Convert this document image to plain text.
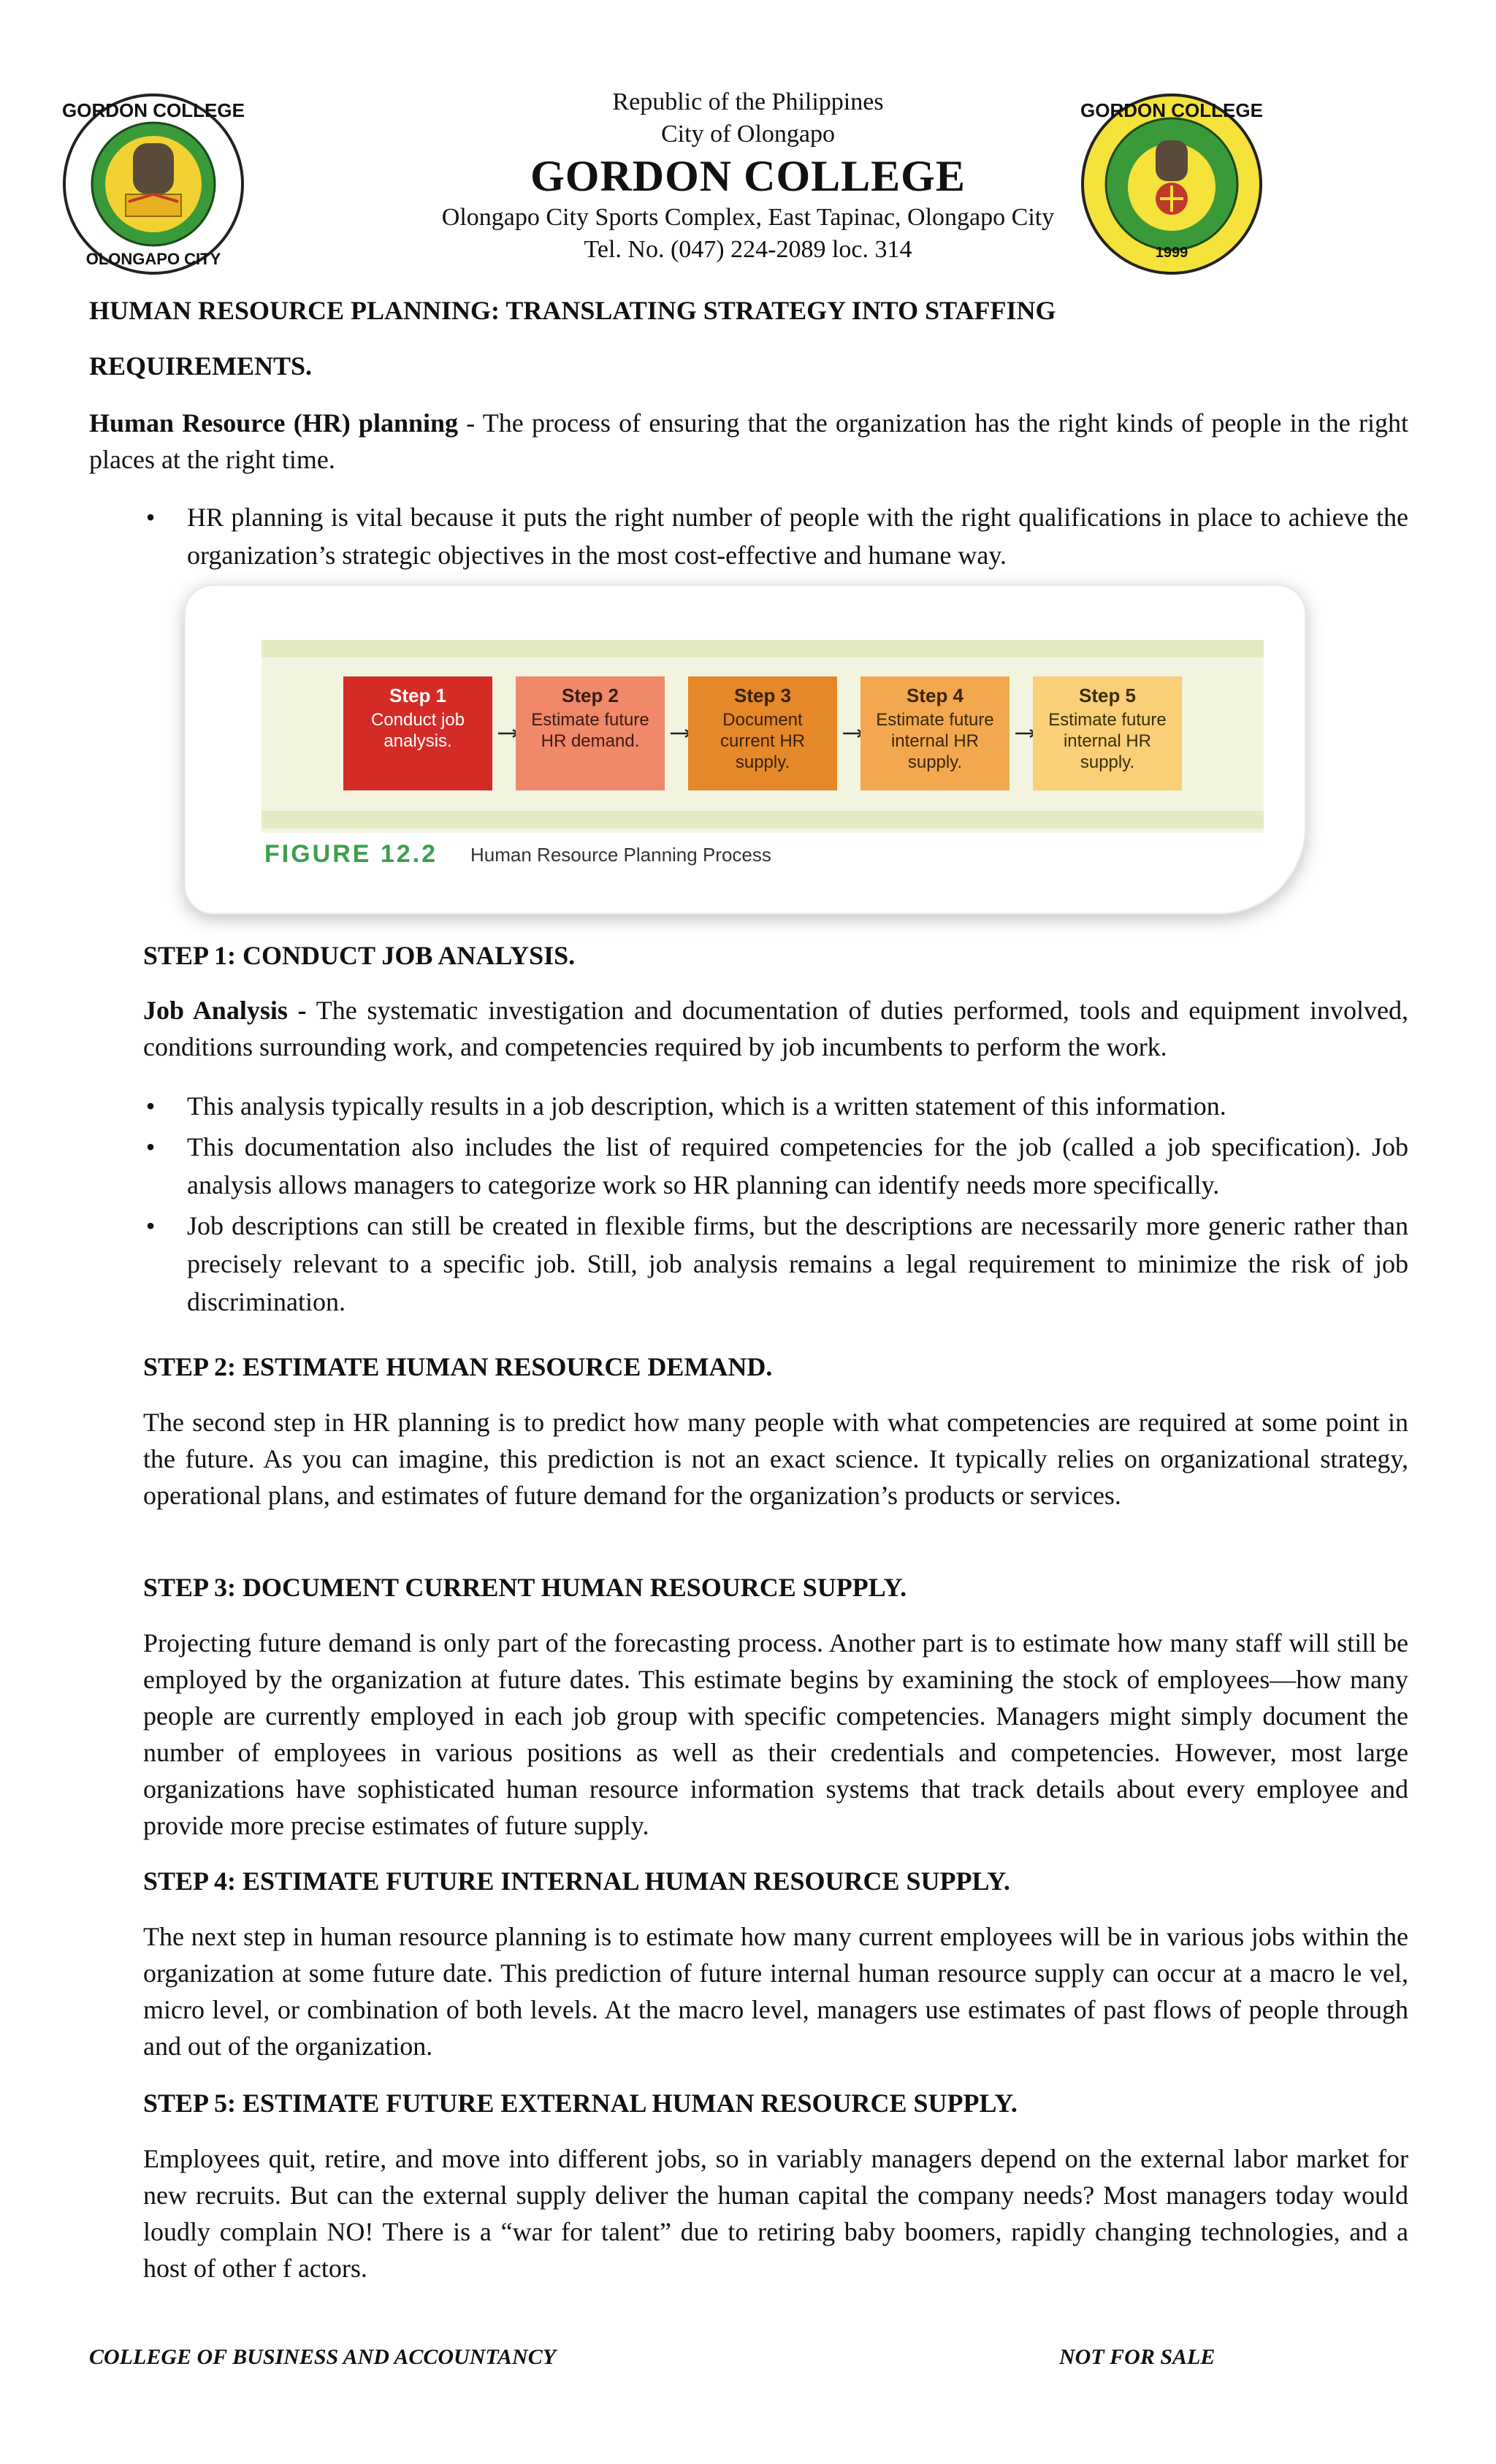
Republic of the Philippines
City of Olongapo
GORDON COLLEGE
Olongapo City Sports Complex, East Tapinac, Olongapo City
Tel. No. (047) 224-2089 loc. 314
GORDON COLLEGE
OLONGAPO CITY
GORDON COLLEGE
1999
HUMAN RESOURCE PLANNING: TRANSLATING STRATEGY INTO STAFFING
REQUIREMENTS.
Human Resource (HR) planning - The process of ensuring that the organization has the right kinds of people in the right places at the right time.
• HR planning is vital because it puts the right number of people with the right qualifications in place to achieve the organization’s strategic objectives in the most cost-effective and humane way.
Step 1
Conduct job analysis.
Step 2
Estimate future HR demand.
Step 3
Document current HR supply.
Step 4
Estimate future internal HR supply.
Step 5
Estimate future internal HR supply.
FIGURE 12.2 Human Resource Planning Process
STEP 1: CONDUCT JOB ANALYSIS.
Job Analysis - The systematic investigation and documentation of duties performed, tools and equipment involved, conditions surrounding work, and competencies required by job incumbents to perform the work.
• This analysis typically results in a job description, which is a written statement of this information.
• This documentation also includes the list of required competencies for the job (called a job specification). Job analysis allows managers to categorize work so HR planning can identify needs more specifically.
• Job descriptions can still be created in flexible firms, but the descriptions are necessarily more generic rather than precisely relevant to a specific job. Still, job analysis remains a legal requirement to minimize the risk of job discrimination.
STEP 2: ESTIMATE HUMAN RESOURCE DEMAND.
The second step in HR planning is to predict how many people with what competencies are required at some point in the future. As you can imagine, this prediction is not an exact science. It typically relies on organizational strategy, operational plans, and estimates of future demand for the organization’s products or services.
STEP 3: DOCUMENT CURRENT HUMAN RESOURCE SUPPLY.
Projecting future demand is only part of the forecasting process. Another part is to estimate how many staff will still be employed by the organization at future dates. This estimate begins by examining the stock of employees—how many people are currently employed in each job group with specific competencies. Managers might simply document the number of employees in various positions as well as their credentials and competencies. However, most large organizations have sophisticated human resource information systems that track details about every employee and provide more precise estimates of future supply.
STEP 4: ESTIMATE FUTURE INTERNAL HUMAN RESOURCE SUPPLY.
The next step in human resource planning is to estimate how many current employees will be in various jobs within the organization at some future date. This prediction of future internal human resource supply can occur at a macro le vel, micro level, or combination of both levels. At the macro level, managers use estimates of past flows of people through and out of the organization.
STEP 5: ESTIMATE FUTURE EXTERNAL HUMAN RESOURCE SUPPLY.
Employees quit, retire, and move into different jobs, so in variably managers depend on the external labor market for new recruits. But can the external supply deliver the human capital the company needs? Most managers today would loudly complain NO! There is a “war for talent” due to retiring baby boomers, rapidly changing technologies, and a host of other f actors.
COLLEGE OF BUSINESS AND ACCOUNTANCY	NOT FOR SALE
